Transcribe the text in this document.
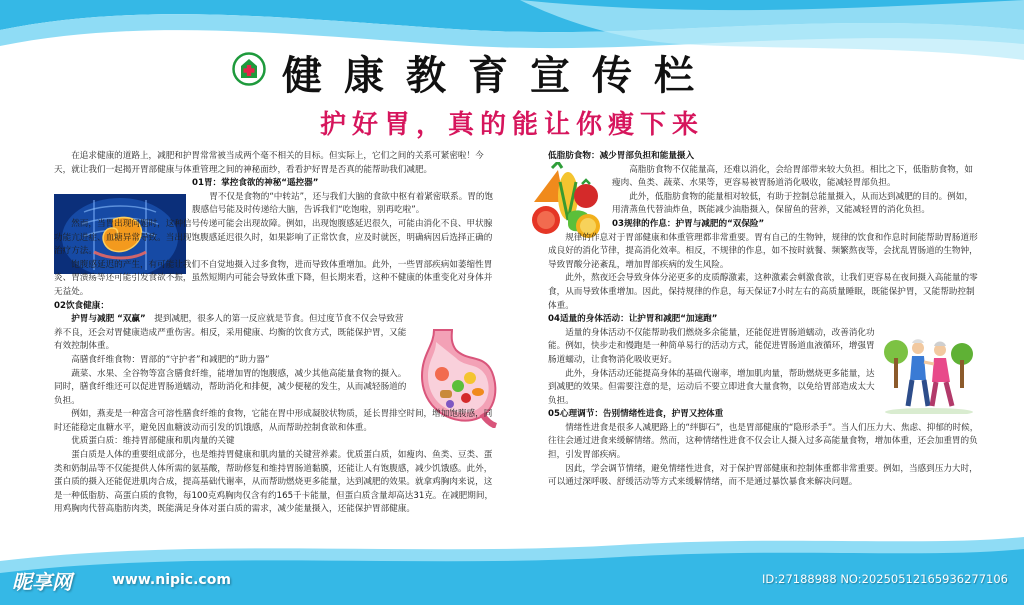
健康教育宣传栏
护好胃，真的能让你瘦下来

在追求健康的道路上，减肥和护胃常常被当成两个毫不相关的目标。但实际上，它们之间的关系可紧密啦！今天，就让我们一起揭开胃部健康与体重管理之间的神秘面纱，看看护好胃是否真的能帮助我们减肥。

01胃：掌控食欲的神秘“遥控器”

胃不仅是食物的“中转站”，还与我们大脑的食欲中枢有着紧密联系。胃的饱腹感信号能及时传递给大脑，告诉我们“吃饱啦，别再吃啦”。

然而，当胃出现问题时，这种信号传递可能会出现故障。例如，出现饱腹感延迟很久，可能由消化不良、甲状腺功能亢进症、血糖异常导致。当出现饱腹感延迟很久时，如果影响了正常饮食，应及时就医，明确病因后选择正确的治疗方法。

饱腹感延迟的产生，有可能让我们不自觉地摄入过多食物，进而导致体重增加。此外，一些胃部疾病如萎缩性胃炎、胃溃疡等还可能引发食欲不振，虽然短期内可能会导致体重下降，但长期来看，这种不健康的体重变化对身体并无益处。

02饮食健康：

护胃与减肥 “双赢”　 提到减肥，很多人的第一反应就是节食。但过度节食不仅会导致营养不良，还会对胃健康造成严重伤害。相反，采用健康、均衡的饮食方式，既能保护胃，又能有效控制体重。

高膳食纤维食物：胃部的“守护者”和减肥的“助力器”

蔬菜、水果、全谷物等富含膳食纤维，能增加胃的饱腹感，减少其他高能量食物的摄入。同时，膳食纤维还可以促进胃肠道蠕动，帮助消化和排便，减少便秘的发生，从而减轻肠道的负担。

例如，燕麦是一种富含可溶性膳食纤维的食物，它能在胃中形成凝胶状物质，延长胃排空时间，增加饱腹感，同时还能稳定血糖水平，避免因血糖波动而引发的饥饿感，从而帮助控制食欲和体重。

优质蛋白质：维持胃部健康和肌肉量的关键

蛋白质是人体的重要组成部分，也是维持胃健康和肌肉量的关键营养素。优质蛋白质，如瘦肉、鱼类、豆类、蛋类和奶制品等不仅能提供人体所需的氨基酸，帮助修复和维持胃肠道黏膜，还能让人有饱腹感，减少饥饿感。此外，蛋白质的摄入还能促进肌肉合成，提高基础代谢率，从而帮助燃烧更多能量，达到减肥的效果。就拿鸡胸肉来说，这是一种低脂肪、高蛋白质的食物，每100克鸡胸肉仅含有约165千卡能量，但蛋白质含量却高达31克。在减肥期间，用鸡胸肉代替高脂肪肉类，既能满足身体对蛋白质的需求，减少能量摄入，还能保护胃部健康。

低脂肪食物：减少胃部负担和能量摄入

高脂肪食物不仅能量高，还难以消化，会给胃部带来较大负担。相比之下，低脂肪食物，如瘦肉、鱼类、蔬菜、水果等，更容易被胃肠道消化吸收，能减轻胃部负担。

此外，低脂肪食物的能量相对较低，有助于控制总能量摄入，从而达到减肥的目的。例如，用清蒸鱼代替油炸鱼，既能减少油脂摄入，保留鱼的营养，又能减轻胃的消化负担。

03规律的作息：护胃与减肥的“双保险”

规律的作息对于胃部健康和体重管理都非常重要。胃有自己的生物钟，规律的饮食和作息时间能帮助胃肠道形成良好的消化节律，提高消化效率。相反，不规律的作息，如不按时就餐、频繁熬夜等，会扰乱胃肠道的生物钟，导致胃酸分泌紊乱，增加胃部疾病的发生风险。

此外，熬夜还会导致身体分泌更多的皮质醇激素，这种激素会刺激食欲，让我们更容易在夜间摄入高能量的零食，从而导致体重增加。因此，保持规律的作息，每天保证7小时左右的高质量睡眠，既能保护胃，又能帮助控制体重。

04适量的身体活动：让护胃和减肥“加速跑”

适量的身体活动不仅能帮助我们燃烧多余能量，还能促进胃肠道蠕动，改善消化功能。例如，快步走和慢跑是一种简单易行的活动方式，能促进胃肠道血液循环，增强胃肠道蠕动，让食物消化吸收更好。

此外，身体活动还能提高身体的基础代谢率，增加肌肉量，帮助燃烧更多能量，达到减肥的效果。但需要注意的是，运动后不要立即进食大量食物，以免给胃部造成太大负担。

05心理调节：告别情绪性进食，护胃又控体重

情绪性进食是很多人减肥路上的“绊脚石”，也是胃部健康的“隐形杀手”。当人们压力大、焦虑、抑郁的时候，往往会通过进食来缓解情绪。然而，这种情绪性进食不仅会让人摄入过多高能量食物，增加体重，还会加重胃的负担，引发胃部疾病。

因此，学会调节情绪，避免情绪性进食，对于保护胃部健康和控制体重都非常重要。例如，当感到压力大时，可以通过深呼吸、舒缓活动等方式来缓解情绪，而不是通过暴饮暴食来解决问题。

昵享网	www.nipic.com	ID:27188988 NO:20250512165936277106
